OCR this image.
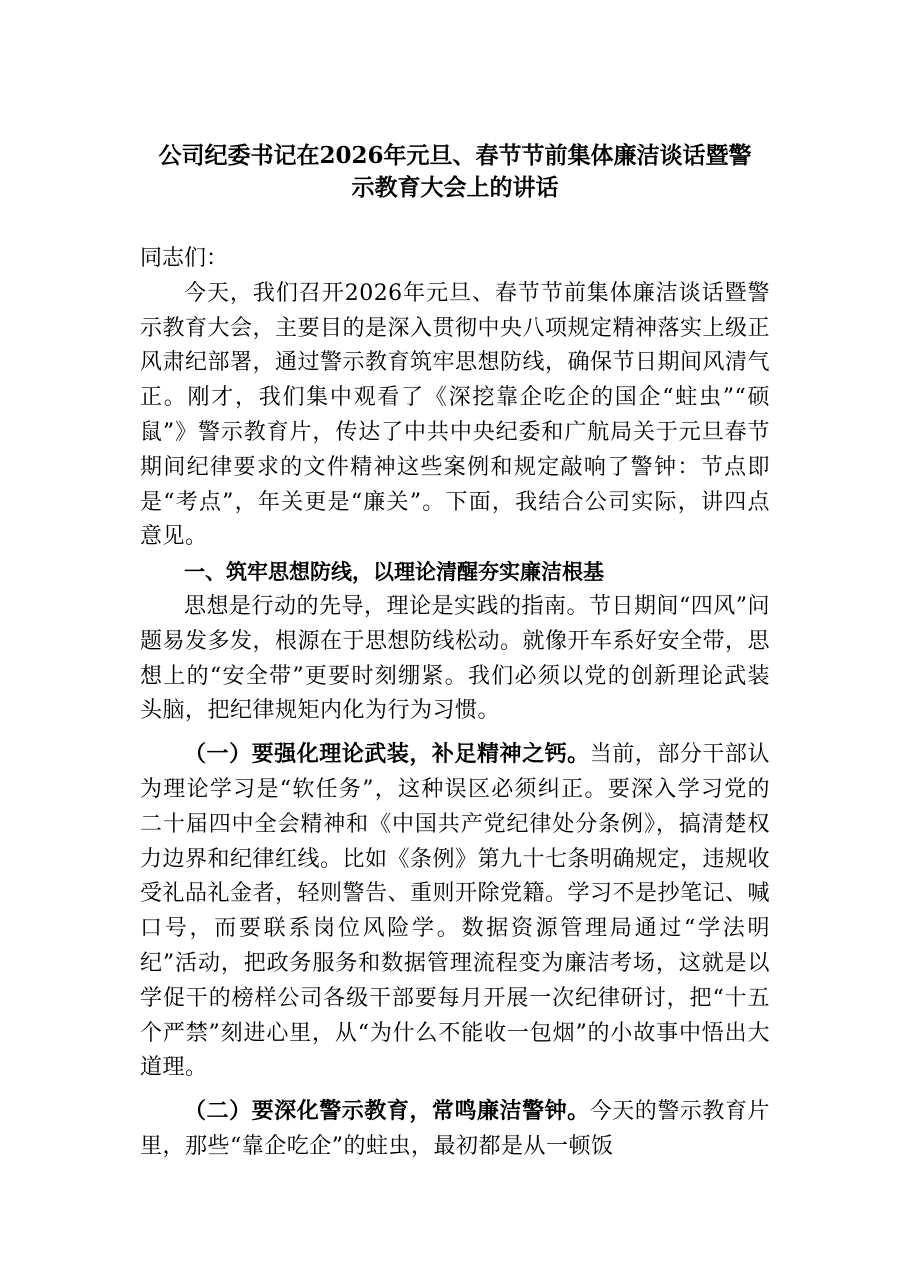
公司纪委书记在2026年元旦、春节节前集体廉洁谈话暨警
示教育大会上的讲话

同志们：

今天，我们召开2026年元旦、春节节前集体廉洁谈话暨警示教育大会，主要目的是深入贯彻中央八项规定精神落实上级正风肃纪部署，通过警示教育筑牢思想防线，确保节日期间风清气正。刚才，我们集中观看了《深挖靠企吃企的国企“蛀虫”“硕鼠”》警示教育片，传达了中共中央纪委和广航局关于元旦春节期间纪律要求的文件精神这些案例和规定敲响了警钟：节点即是“考点”，年关更是“廉关”。下面，我结合公司实际，讲四点意见。

一、筑牢思想防线，以理论清醒夯实廉洁根基

思想是行动的先导，理论是实践的指南。节日期间“四风”问题易发多发，根源在于思想防线松动。就像开车系好安全带，思想上的“安全带”更要时刻绷紧。我们必须以党的创新理论武装头脑，把纪律规矩内化为行为习惯。

（一）要强化理论武装，补足精神之钙。当前，部分干部认为理论学习是“软任务”，这种误区必须纠正。要深入学习党的二十届四中全会精神和《中国共产党纪律处分条例》，搞清楚权力边界和纪律红线。比如《条例》第九十七条明确规定，违规收受礼品礼金者，轻则警告、重则开除党籍。学习不是抄笔记、喊口号，而要联系岗位风险学。数据资源管理局通过“学法明纪”活动，把政务服务和数据管理流程变为廉洁考场，这就是以学促干的榜样公司各级干部要每月开展一次纪律研讨，把“十五个严禁”刻进心里，从“为什么不能收一包烟”的小故事中悟出大道理。

（二）要深化警示教育，常鸣廉洁警钟。今天的警示教育片里，那些“靠企吃企”的蛀虫，最初都是从一顿饭
